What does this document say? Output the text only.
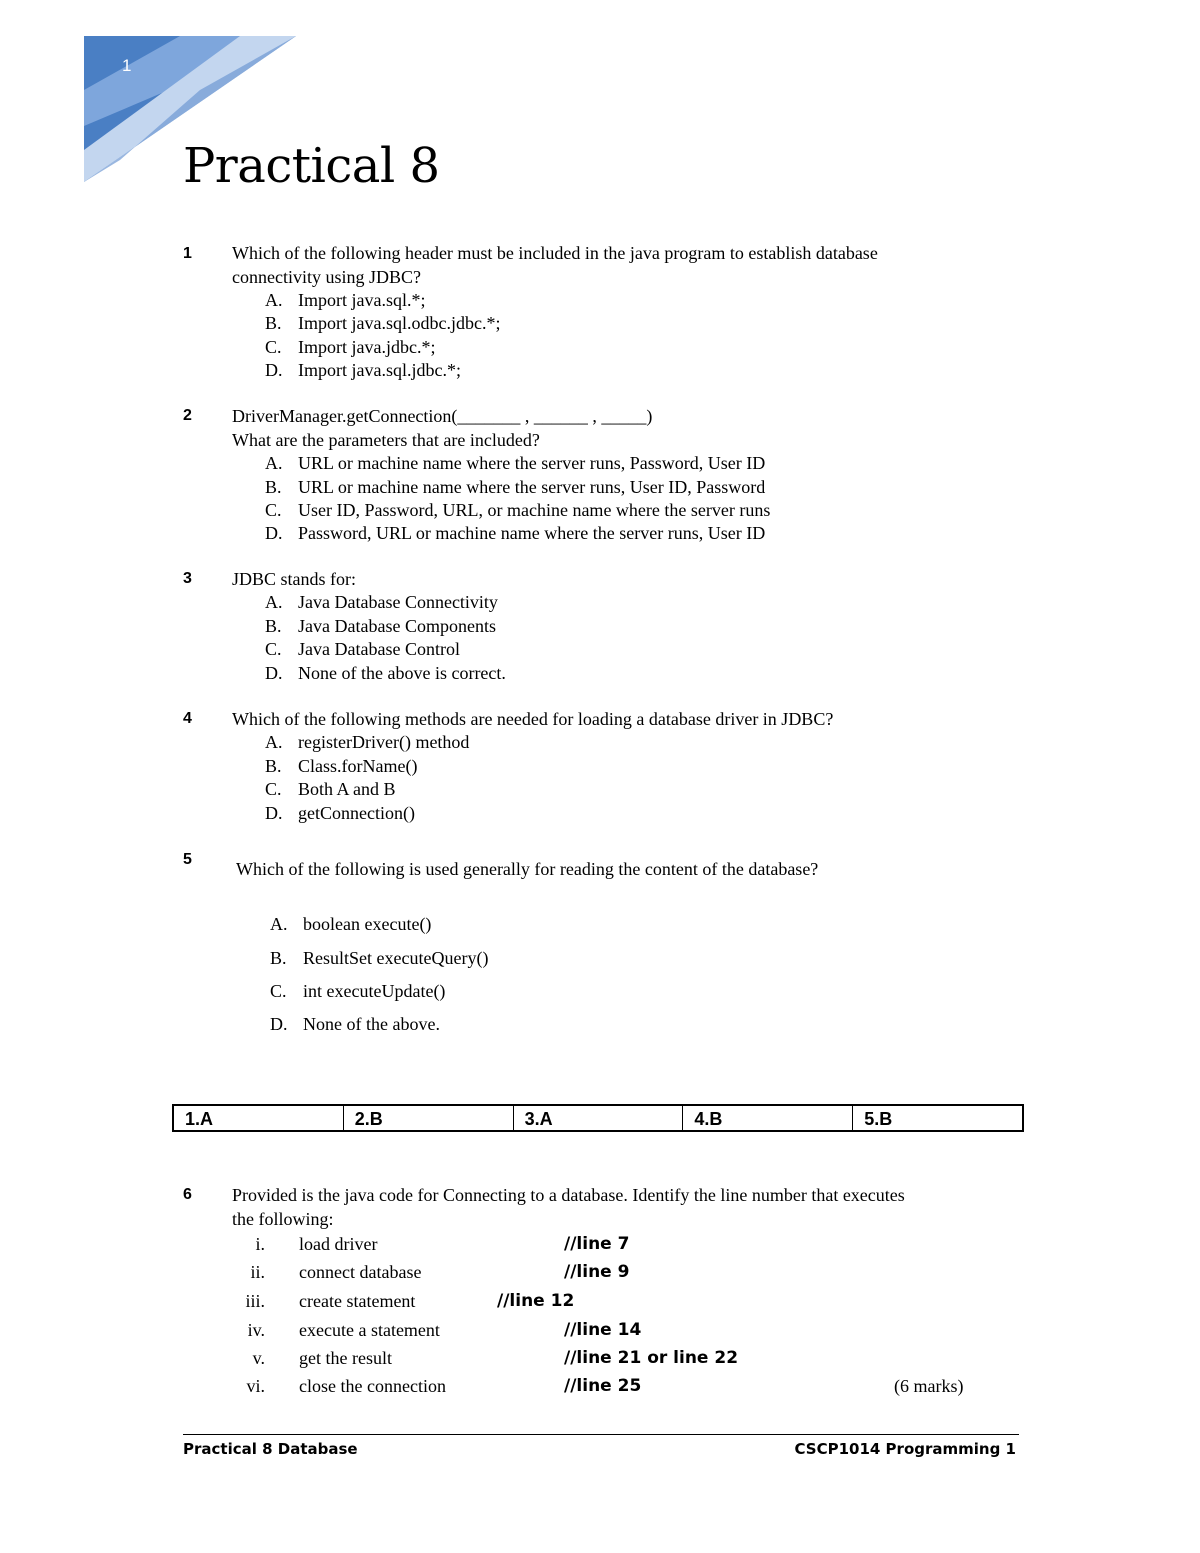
1
Practical 8
1 Which of the following header must be included in the java program to establish database
connectivity using JDBC?
A. Import java.sql.*;
B. Import java.sql.odbc.jdbc.*;
C. Import java.jdbc.*;
D. Import java.sql.jdbc.*;
2 DriverManager.getConnection(_______ , ______ , _____)
What are the parameters that are included?
A. URL or machine name where the server runs, Password, User ID
B. URL or machine name where the server runs, User ID, Password
C. User ID, Password, URL, or machine name where the server runs
D. Password, URL or machine name where the server runs, User ID
3 JDBC stands for:
A. Java Database Connectivity
B. Java Database Components
C. Java Database Control
D. None of the above is correct.
4 Which of the following methods are needed for loading a database driver in JDBC?
A. registerDriver() method
B. Class.forName()
C. Both A and B
D. getConnection()
5 Which of the following is used generally for reading the content of the database?
A. boolean execute()
B. ResultSet executeQuery()
C. int executeUpdate()
D. None of the above.
1.A	2.B	3.A	4.B	5.B
6 Provided is the java code for Connecting to a database. Identify the line number that executes
the following:
i. load driver	//line 7
ii. connect database	//line 9
iii. create statement	//line 12
iv. execute a statement	//line 14
v. get the result	//line 21 or line 22
vi. close the connection	//line 25	(6 marks)
Practical 8 Database	CSCP1014 Programming 1
